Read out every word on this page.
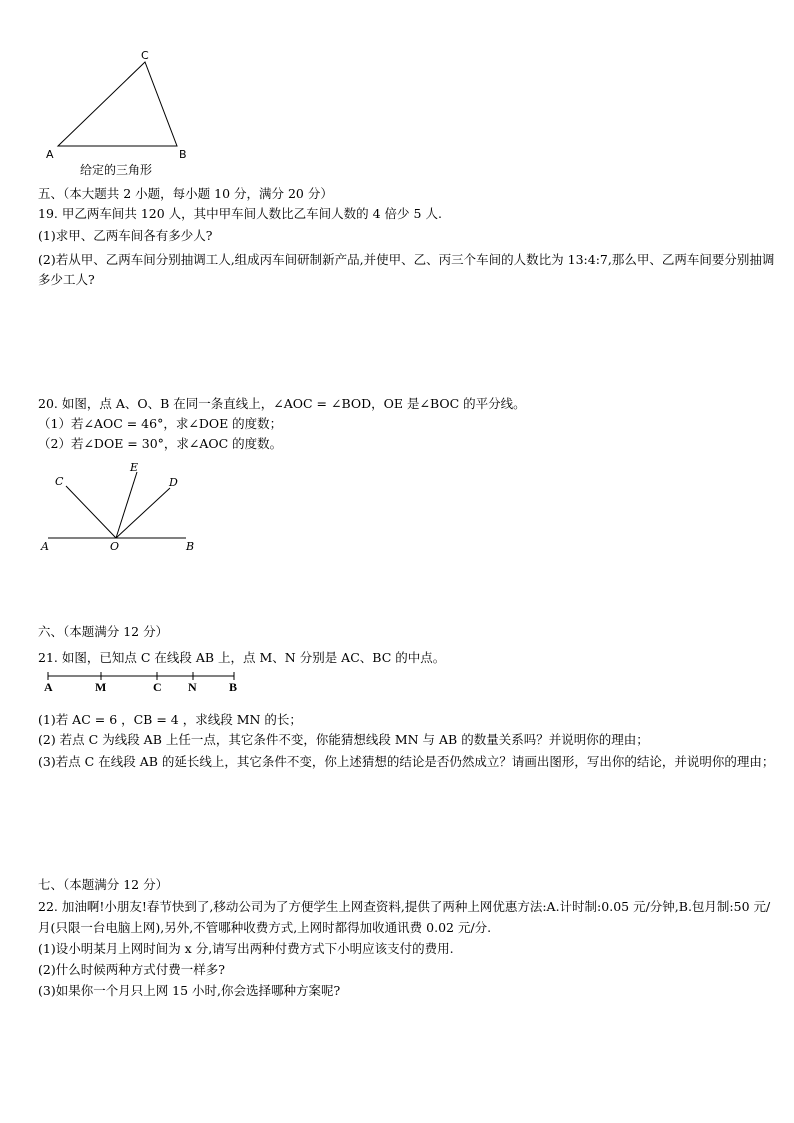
C
A	B
给定的三角形
五、（本大题共 2 小题，每小题 10 分，满分 20 分）
19. 甲乙两车间共 120 人，其中甲车间人数比乙车间人数的 4 倍少 5 人.
(1)求甲、乙两车间各有多少人?
(2)若从甲、乙两车间分别抽调工人,组成丙车间研制新产品,并使甲、乙、丙三个车间的人数比为 13:4:7,那么甲、乙两车间要分别抽调多少工人?
20. 如图，点 A、O、B 在同一条直线上，∠AOC = ∠BOD，OE 是∠BOC 的平分线。
（1）若∠AOC = 46°，求∠DOE 的度数；
（2）若∠DOE = 30°，求∠AOC 的度数。
A	O	B
C
E
D
六、（本题满分 12 分）
21. 如图，已知点 C 在线段 AB 上，点 M、N 分别是 AC、BC 的中点。
A	M	C N	B
(1)若 AC = 6 ，CB = 4 ，求线段 MN 的长；
(2) 若点 C 为线段 AB 上任一点，其它条件不变，你能猜想线段 MN 与 AB 的数量关系吗？并说明你的理由；
(3)若点 C 在线段 AB 的延长线上，其它条件不变，你上述猜想的结论是否仍然成立？请画出图形，写出你的结论，并说明你的理由；
七、（本题满分 12 分）
22. 加油啊!小朋友!春节快到了,移动公司为了方便学生上网查资料,提供了两种上网优惠方法:A.计时制:0.05 元/分钟,B.包月制:50 元/月(只限一台电脑上网),另外,不管哪种收费方式,上网时都得加收通讯费 0.02 元/分.
(1)设小明某月上网时间为 x 分,请写出两种付费方式下小明应该支付的费用.
(2)什么时候两种方式付费一样多?
(3)如果你一个月只上网 15 小时,你会选择哪种方案呢?
